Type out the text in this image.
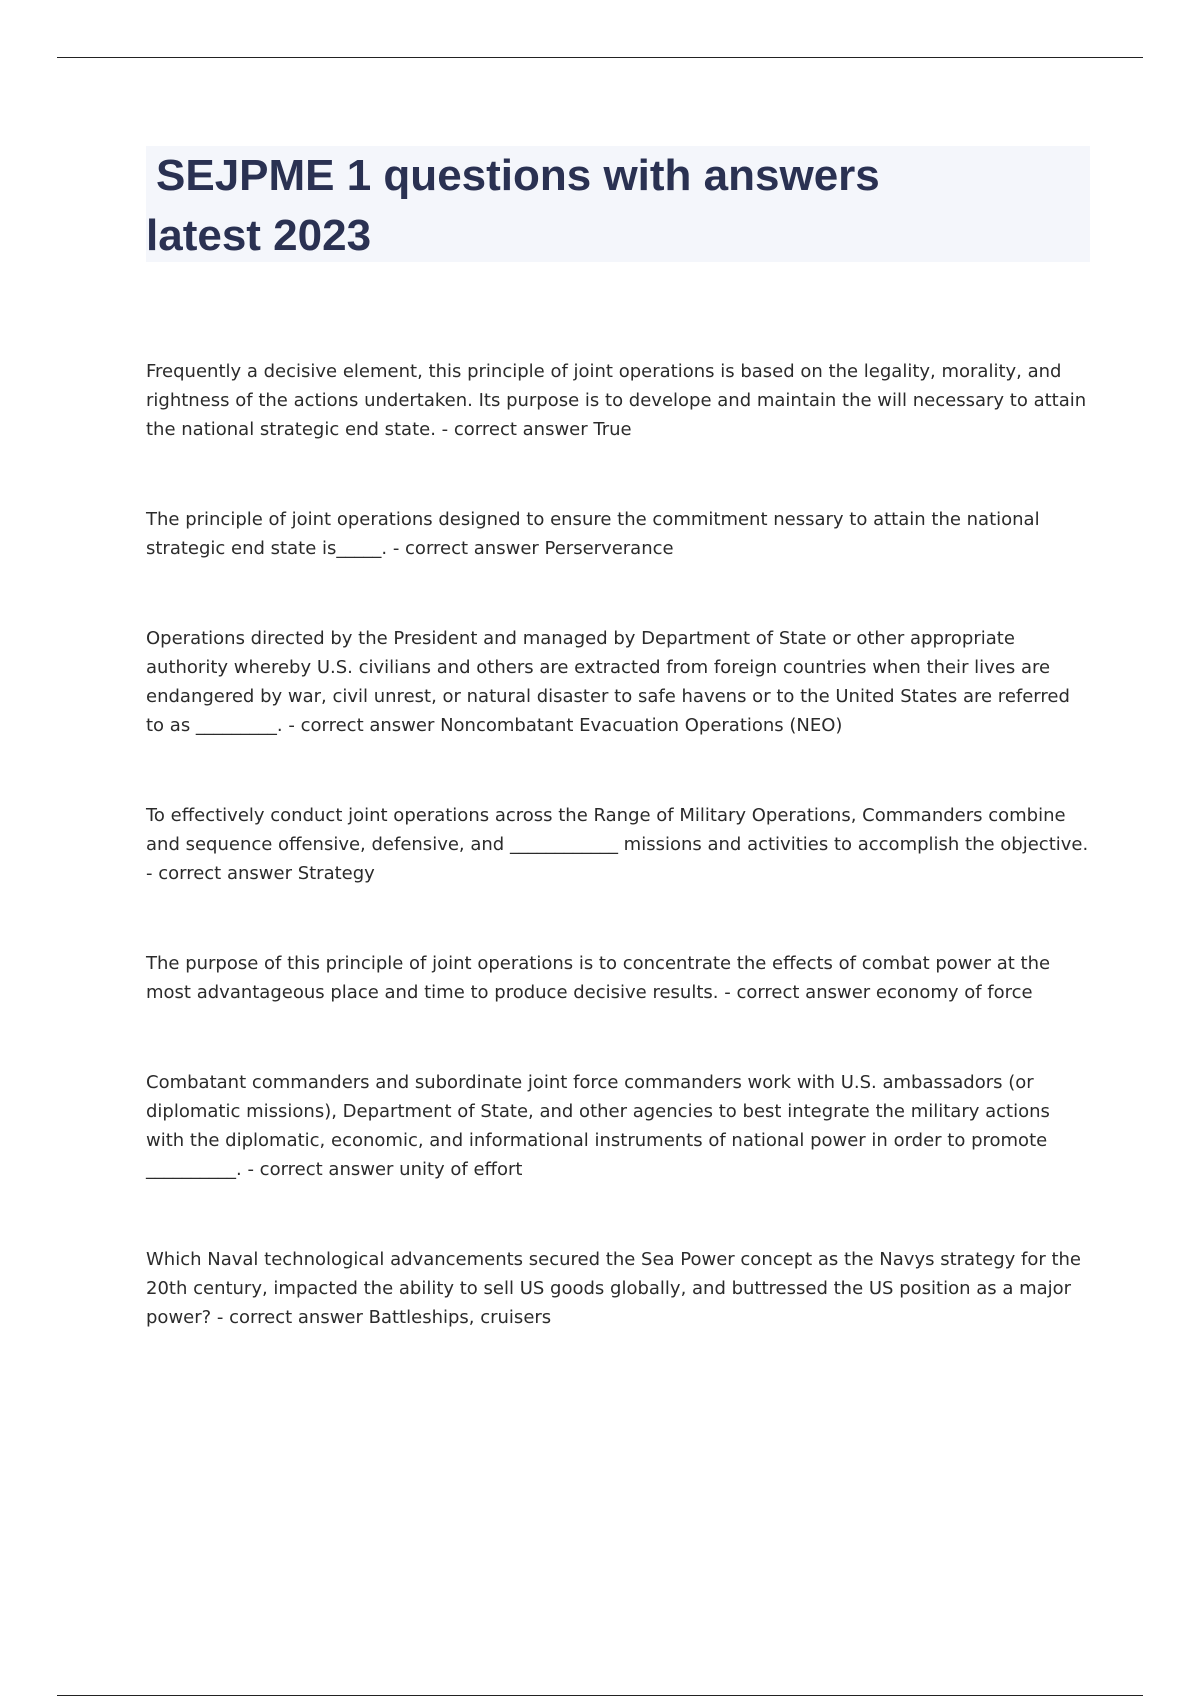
SEJPME 1 questions with answers latest 2023

Frequently a decisive element, this principle of joint operations is based on the legality, morality, and rightness of the actions undertaken. Its purpose is to develope and maintain the will necessary to attain the national strategic end state. - correct answer True

The principle of joint operations designed to ensure the commitment nessary to attain the national strategic end state is_____. - correct answer Perserverance

Operations directed by the President and managed by Department of State or other appropriate authority whereby U.S. civilians and others are extracted from foreign countries when their lives are endangered by war, civil unrest, or natural disaster to safe havens or to the United States are referred to as _________. - correct answer Noncombatant Evacuation Operations (NEO)

To effectively conduct joint operations across the Range of Military Operations, Commanders combine and sequence offensive, defensive, and ____________ missions and activities to accomplish the objective. - correct answer Strategy

The purpose of this principle of joint operations is to concentrate the effects of combat power at the most advantageous place and time to produce decisive results. - correct answer economy of force

Combatant commanders and subordinate joint force commanders work with U.S. ambassadors (or diplomatic missions), Department of State, and other agencies to best integrate the military actions with the diplomatic, economic, and informational instruments of national power in order to promote __________. - correct answer unity of effort

Which Naval technological advancements secured the Sea Power concept as the Navys strategy for the 20th century, impacted the ability to sell US goods globally, and buttressed the US position as a major power? - correct answer Battleships, cruisers
